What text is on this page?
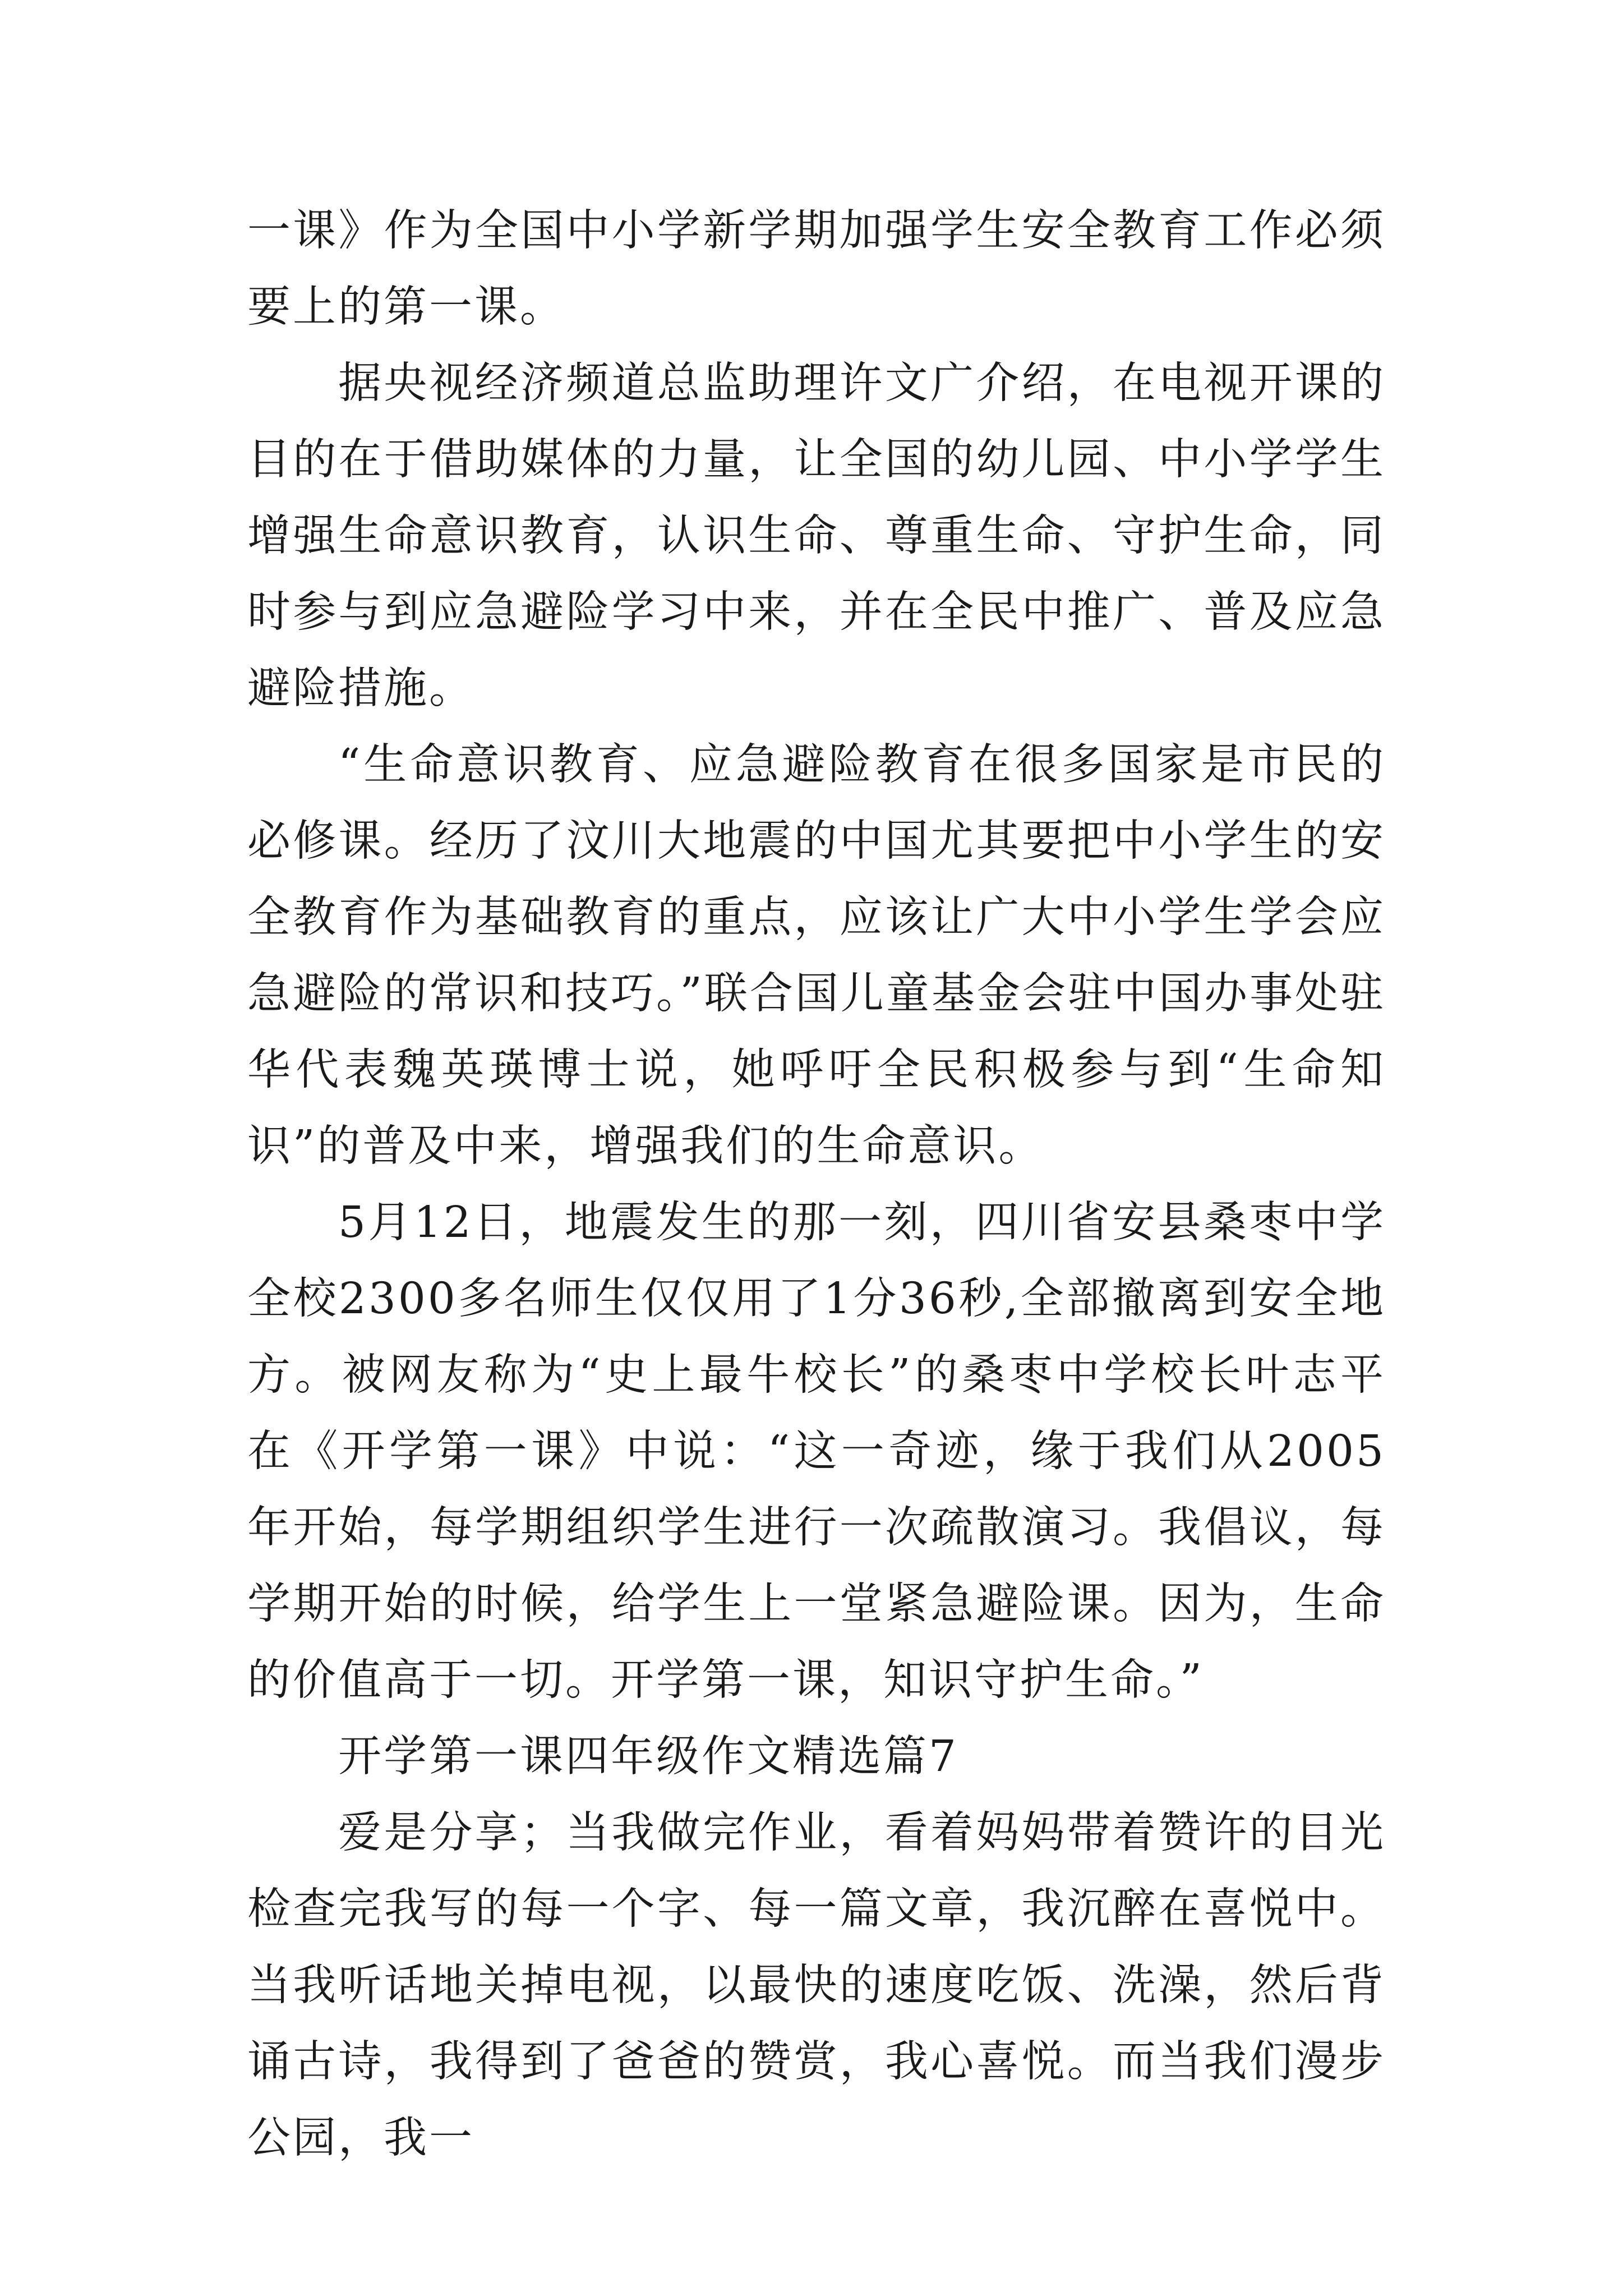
一课》作为全国中小学新学期加强学生安全教育工作必须要上的第一课。

据央视经济频道总监助理许文广介绍，在电视开课的目的在于借助媒体的力量，让全国的幼儿园、中小学学生增强生命意识教育，认识生命、尊重生命、守护生命，同时参与到应急避险学习中来，并在全民中推广、普及应急避险措施。

“生命意识教育、应急避险教育在很多国家是市民的必修课。经历了汶川大地震的中国尤其要把中小学生的安全教育作为基础教育的重点，应该让广大中小学生学会应急避险的常识和技巧。”联合国儿童基金会驻中国办事处驻华代表魏英瑛博士说，她呼吁全民积极参与到“生命知识”的普及中来，增强我们的生命意识。

5月12日，地震发生的那一刻，四川省安县桑枣中学全校2300多名师生仅仅用了1分36秒,全部撤离到安全地方。被网友称为“史上最牛校长”的桑枣中学校长叶志平在《开学第一课》中说：“这一奇迹，缘于我们从2005年开始，每学期组织学生进行一次疏散演习。我倡议，每学期开始的时候，给学生上一堂紧急避险课。因为，生命的价值高于一切。开学第一课，知识守护生命。”

开学第一课四年级作文精选篇7

爱是分享；当我做完作业，看着妈妈带着赞许的目光检查完我写的每一个字、每一篇文章，我沉醉在喜悦中。当我听话地关掉电视，以最快的速度吃饭、洗澡，然后背诵古诗，我得到了爸爸的赞赏，我心喜悦。而当我们漫步公园，我一
